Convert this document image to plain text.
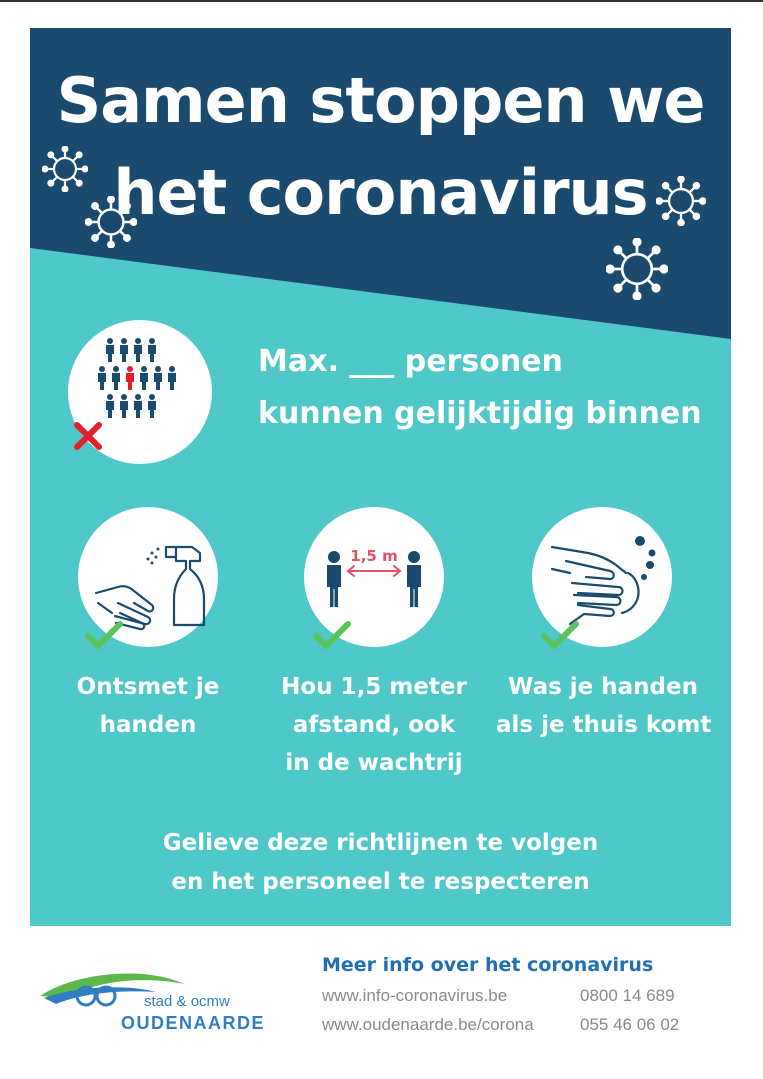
Samen stoppen we
het coronavirus
Max. ___ personen
kunnen gelijktijdig binnen
Ontsmet je
handen
1,5 m
Hou 1,5 meter
afstand, ook
in de wachtrij
Was je handen
als je thuis komt
Gelieve deze richtlijnen te volgen
en het personeel te respecteren
stad & ocmw
OUDENAARDE
Meer info over het coronavirus
www.info-coronavirus.be	0800 14 689
www.oudenaarde.be/corona	055 46 06 02
